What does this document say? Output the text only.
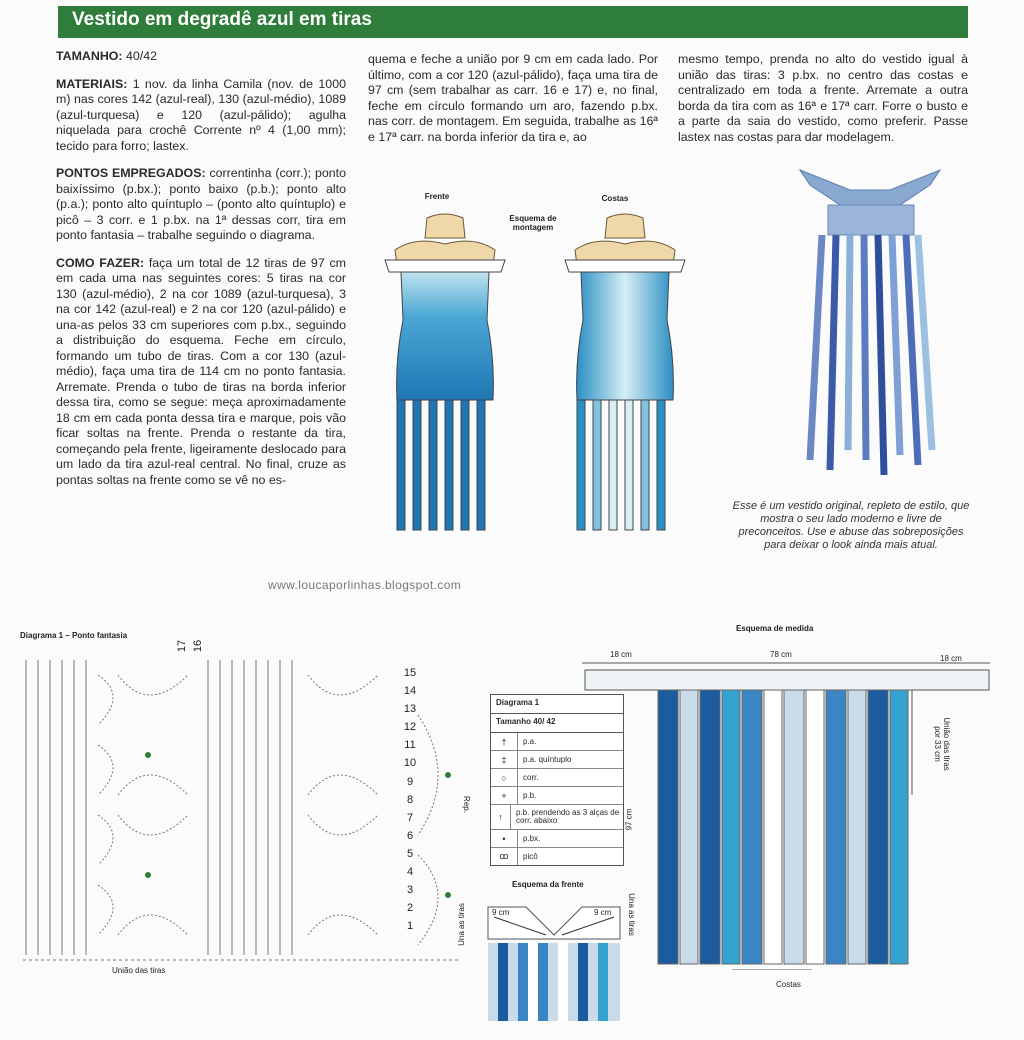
Vestido em degradê azul em tiras

TAMANHO: 40/42

MATERIAIS: 1 nov. da linha Camila (nov. de 1000 m) nas cores 142 (azul-real), 130 (azul-médio), 1089 (azul-turquesa) e 120 (azul-pálido); agulha niquelada para crochê Corrente nº 4 (1,00 mm); tecido para forro; lastex.

PONTOS EMPREGADOS: correntinha (corr.); ponto baixíssimo (p.bx.); ponto baixo (p.b.); ponto alto (p.a.); ponto alto quíntuplo – (ponto alto quíntuplo) e picô – 3 corr. e 1 p.bx. na 1ª dessas corr, tira em ponto fantasia – trabalhe seguindo o diagrama.

COMO FAZER: faça um total de 12 tiras de 97 cm em cada uma nas seguintes cores: 5 tiras na cor 130 (azul-médio), 2 na cor 1089 (azul-turquesa), 3 na cor 142 (azul-real) e 2 na cor 120 (azul-pálido) e una-as pelos 33 cm superiores com p.bx., seguindo a distribuição do esquema. Feche em círculo, formando um tubo de tiras. Com a cor 130 (azul-médio), faça uma tira de 114 cm no ponto fantasia. Arremate. Prenda o tubo de tiras na borda inferior dessa tira, como se segue: meça aproximadamente 18 cm em cada ponta dessa tira e marque, pois vão ficar soltas na frente. Prenda o restante da tira, começando pela frente, ligeiramente deslocado para um lado da tira azul-real central. No final, cruze as pontas soltas na frente como se vê no es-

quema e feche a união por 9 cm em cada lado. Por último, com a cor 120 (azul-pálido), faça uma tira de 97 cm (sem trabalhar as carr. 16 e 17) e, no final, feche em círculo formando um aro, fazendo p.bx. nas corr. de montagem. Em seguida, trabalhe as 16ª e 17ª carr. na borda inferior da tira e, ao

mesmo tempo, prenda no alto do vestido igual à união das tiras: 3 p.bx. no centro das costas e centralizado em toda a frente. Arremate a outra borda da tira com as 16ª e 17ª carr. Forre o busto e a parte da saia do vestido, como preferir. Passe lastex nas costas para dar modelagem.

Frente	Costas
Esquema de montagem
Esse é um vestido original, repleto de estilo, que mostra o seu lado moderno e livre de preconceitos. Use e abuse das sobreposições para deixar o look ainda mais atual.
www.loucaporlinhas.blogspot.com
Diagrama 1 – Ponto fantasia
17 16
15
14
13
12
11
10
9
8
7
6
5
4
3
2
1
Rep.
União das tiras
Diagrama 1
Tamanho 40/ 42
†	p.a.
‡	p.a. quíntuplo
○	corr.
+	p.b.
↑	p.b. prendendo as 3 alças de corr. abaixo
•	p.bx.
ꝏ	picô
Esquema da frente
9 cm	9 cm
Una as tiras	Una as tiras
Esquema de medida
18 cm	78 cm	18 cm
97 cm
União das tiras por 33 cm
Costas
